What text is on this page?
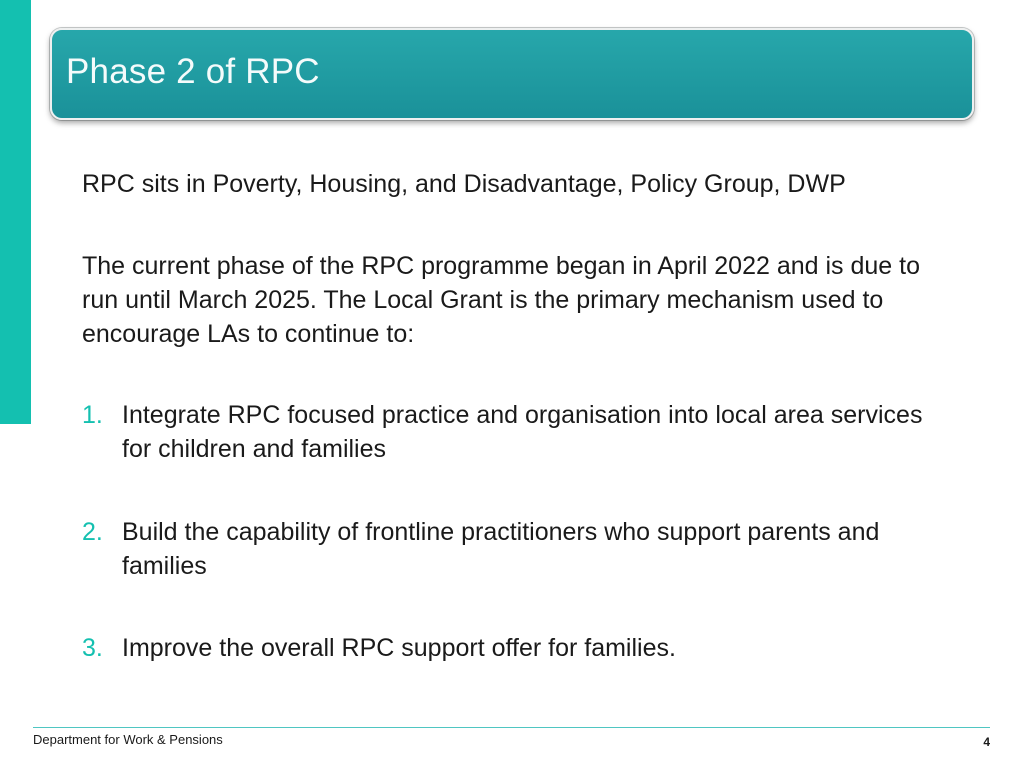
Phase 2 of RPC
RPC sits in Poverty, Housing, and Disadvantage, Policy Group, DWP
The current phase of the RPC programme began in April 2022 and is due to run until March 2025. The Local Grant is the primary mechanism used to encourage LAs to continue to:
1. Integrate RPC focused practice and organisation into local area services for children and families
2. Build the capability of frontline practitioners who support parents and families
3. Improve the overall RPC support offer for families.
Department for Work & Pensions	4
